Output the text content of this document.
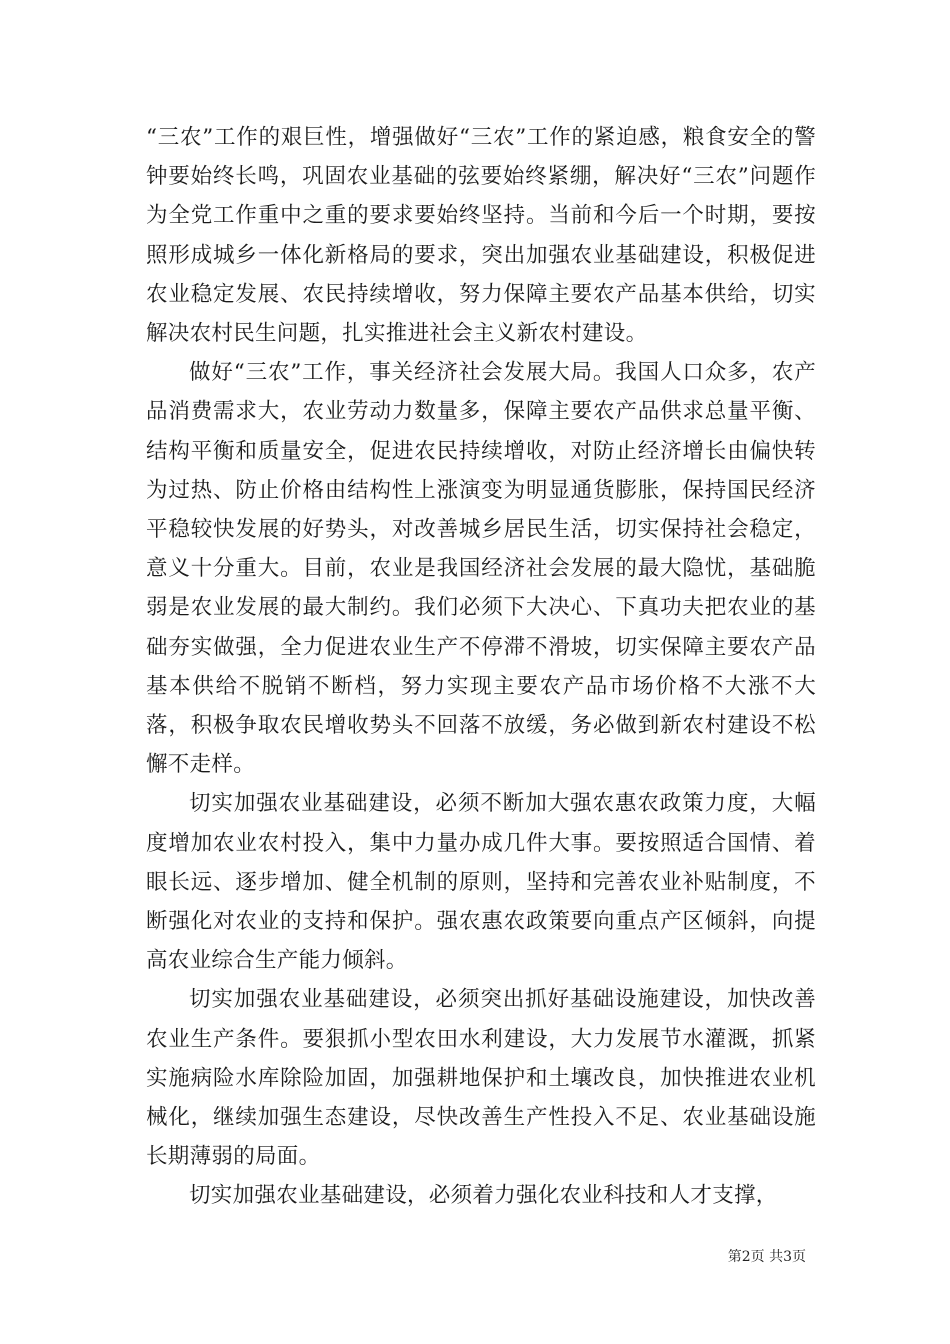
“三农”工作的艰巨性，增强做好“三农”工作的紧迫感，粮食安全的警钟要始终长鸣，巩固农业基础的弦要始终紧绷，解决好“三农”问题作为全党工作重中之重的要求要始终坚持。当前和今后一个时期，要按照形成城乡一体化新格局的要求，突出加强农业基础建设，积极促进农业稳定发展、农民持续增收，努力保障主要农产品基本供给，切实解决农村民生问题，扎实推进社会主义新农村建设。

做好“三农”工作，事关经济社会发展大局。我国人口众多，农产品消费需求大，农业劳动力数量多，保障主要农产品供求总量平衡、结构平衡和质量安全，促进农民持续增收，对防止经济增长由偏快转为过热、防止价格由结构性上涨演变为明显通货膨胀，保持国民经济平稳较快发展的好势头，对改善城乡居民生活，切实保持社会稳定，意义十分重大。目前，农业是我国经济社会发展的最大隐忧，基础脆弱是农业发展的最大制约。我们必须下大决心、下真功夫把农业的基础夯实做强，全力促进农业生产不停滞不滑坡，切实保障主要农产品基本供给不脱销不断档，努力实现主要农产品市场价格不大涨不大落，积极争取农民增收势头不回落不放缓，务必做到新农村建设不松懈不走样。

切实加强农业基础建设，必须不断加大强农惠农政策力度，大幅度增加农业农村投入，集中力量办成几件大事。要按照适合国情、着眼长远、逐步增加、健全机制的原则，坚持和完善农业补贴制度，不断强化对农业的支持和保护。强农惠农政策要向重点产区倾斜，向提高农业综合生产能力倾斜。

切实加强农业基础建设，必须突出抓好基础设施建设，加快改善农业生产条件。要狠抓小型农田水利建设，大力发展节水灌溉，抓紧实施病险水库除险加固，加强耕地保护和土壤改良，加快推进农业机械化，继续加强生态建设，尽快改善生产性投入不足、农业基础设施长期薄弱的局面。

切实加强农业基础建设，必须着力强化农业科技和人才支撑，

第2页 共3页
